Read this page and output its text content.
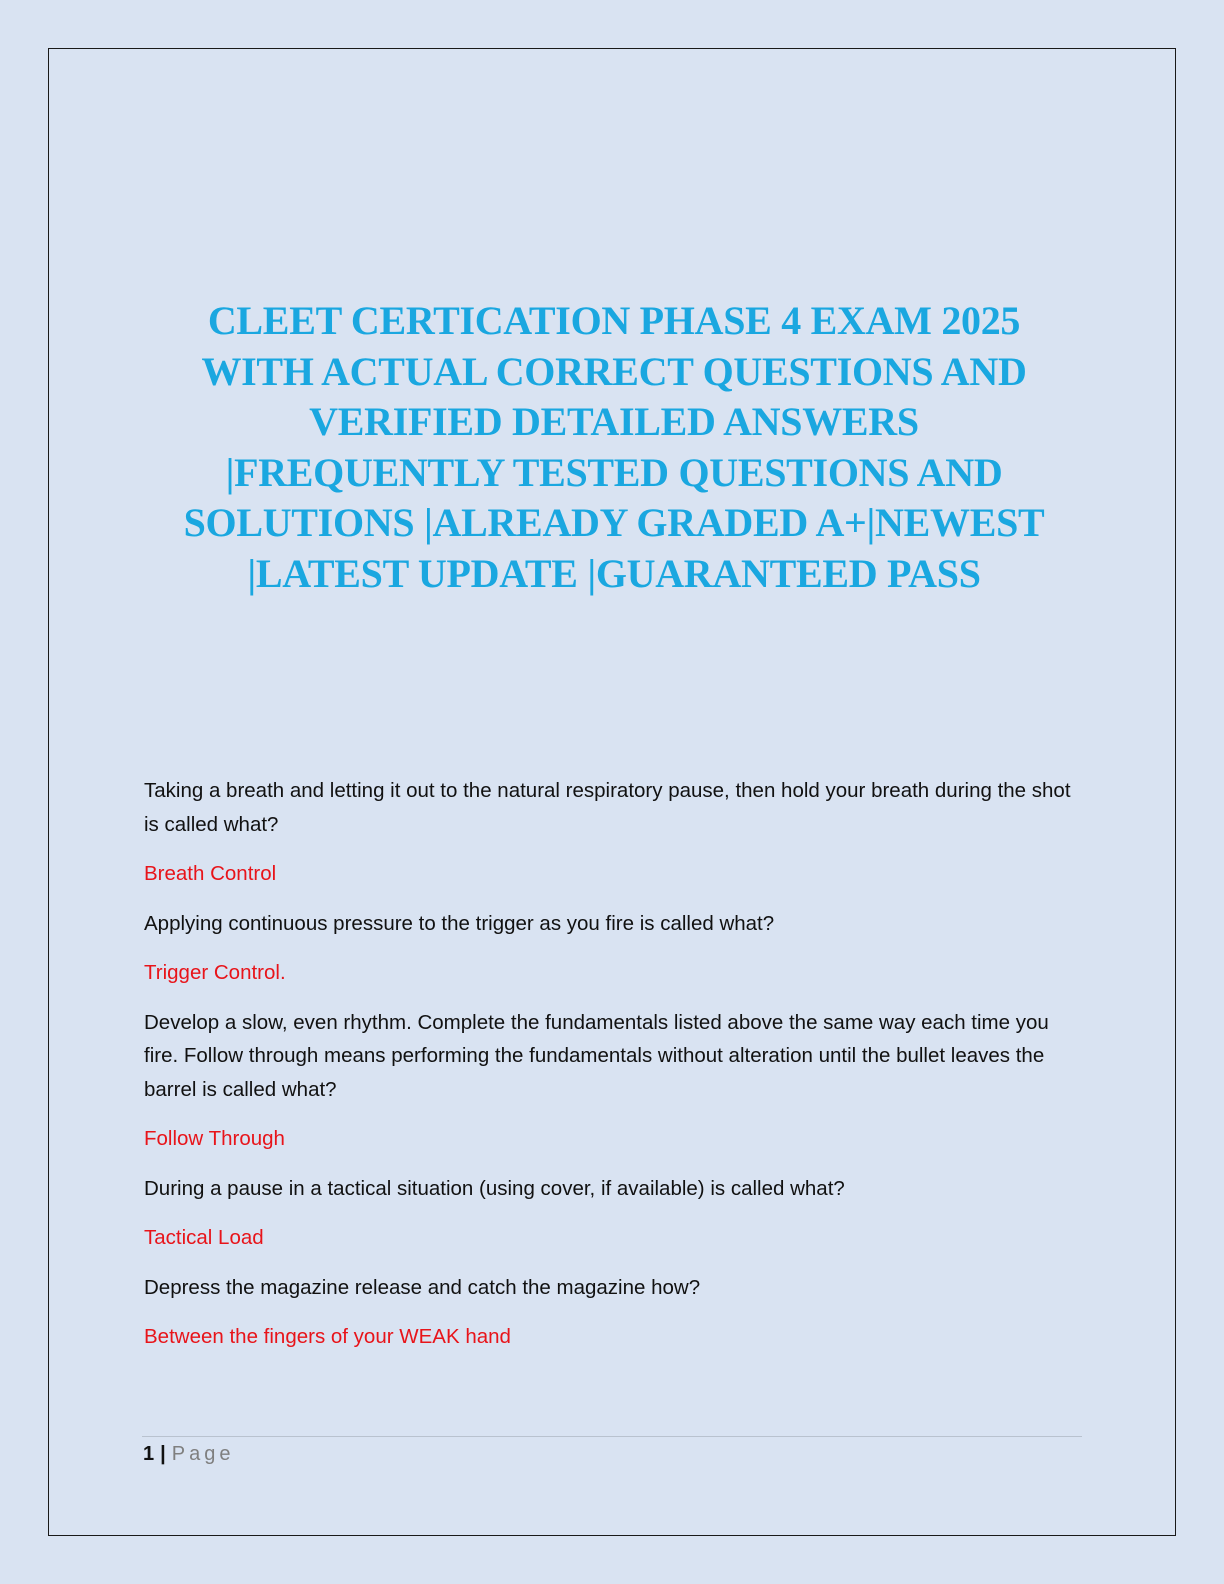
CLEET CERTICATION PHASE 4 EXAM 2025
WITH ACTUAL CORRECT QUESTIONS AND
VERIFIED DETAILED ANSWERS
|FREQUENTLY TESTED QUESTIONS AND
SOLUTIONS |ALREADY GRADED A+|NEWEST
|LATEST UPDATE |GUARANTEED PASS

Taking a breath and letting it out to the natural respiratory pause, then hold your breath during the shot is called what?

Breath Control

Applying continuous pressure to the trigger as you fire is called what?

Trigger Control.

Develop a slow, even rhythm. Complete the fundamentals listed above the same way each time you fire. Follow through means performing the fundamentals without alteration until the bullet leaves the barrel is called what?

Follow Through

During a pause in a tactical situation (using cover, if available) is called what?

Tactical Load

Depress the magazine release and catch the magazine how?

Between the fingers of your WEAK hand

1 | Page
